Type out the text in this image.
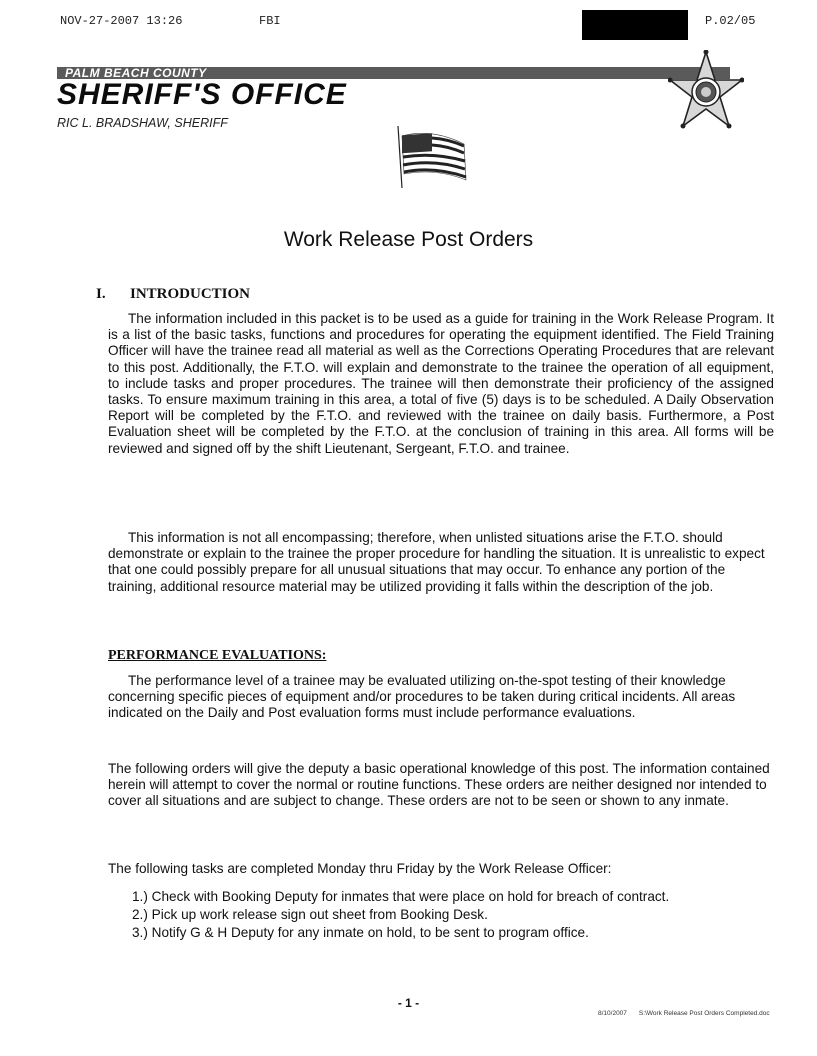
NOV-27-2007 13:26	FBI	P.02/05
PALM BEACH COUNTY
SHERIFF'S OFFICE
RIC L. BRADSHAW, SHERIFF
Work Release Post Orders
I. INTRODUCTION

The information included in this packet is to be used as a guide for training in the Work Release Program. It is a list of the basic tasks, functions and procedures for operating the equipment identified. The Field Training Officer will have the trainee read all material as well as the Corrections Operating Procedures that are relevant to this post. Additionally, the F.T.O. will explain and demonstrate to the trainee the operation of all equipment, to include tasks and proper procedures. The trainee will then demonstrate their proficiency of the assigned tasks. To ensure maximum training in this area, a total of five (5) days is to be scheduled. A Daily Observation Report will be completed by the F.T.O. and reviewed with the trainee on daily basis. Furthermore, a Post Evaluation sheet will be completed by the F.T.O. at the conclusion of training in this area. All forms will be reviewed and signed off by the shift Lieutenant, Sergeant, F.T.O. and trainee.

This information is not all encompassing; therefore, when unlisted situations arise the F.T.O. should demonstrate or explain to the trainee the proper procedure for handling the situation. It is unrealistic to expect that one could possibly prepare for all unusual situations that may occur. To enhance any portion of the training, additional resource material may be utilized providing it falls within the description of the job.

PERFORMANCE EVALUATIONS:

The performance level of a trainee may be evaluated utilizing on-the-spot testing of their knowledge concerning specific pieces of equipment and/or procedures to be taken during critical incidents. All areas indicated on the Daily and Post evaluation forms must include performance evaluations.

The following orders will give the deputy a basic operational knowledge of this post. The information contained herein will attempt to cover the normal or routine functions. These orders are neither designed nor intended to cover all situations and are subject to change. These orders are not to be seen or shown to any inmate.

The following tasks are completed Monday thru Friday by the Work Release Officer:

1.) Check with Booking Deputy for inmates that were place on hold for breach of contract.
2.) Pick up work release sign out sheet from Booking Desk.
3.) Notify G & H Deputy for any inmate on hold, to be sent to program office.
- 1 -
8/10/2007 S:\Work Release Post Orders Completed.doc
